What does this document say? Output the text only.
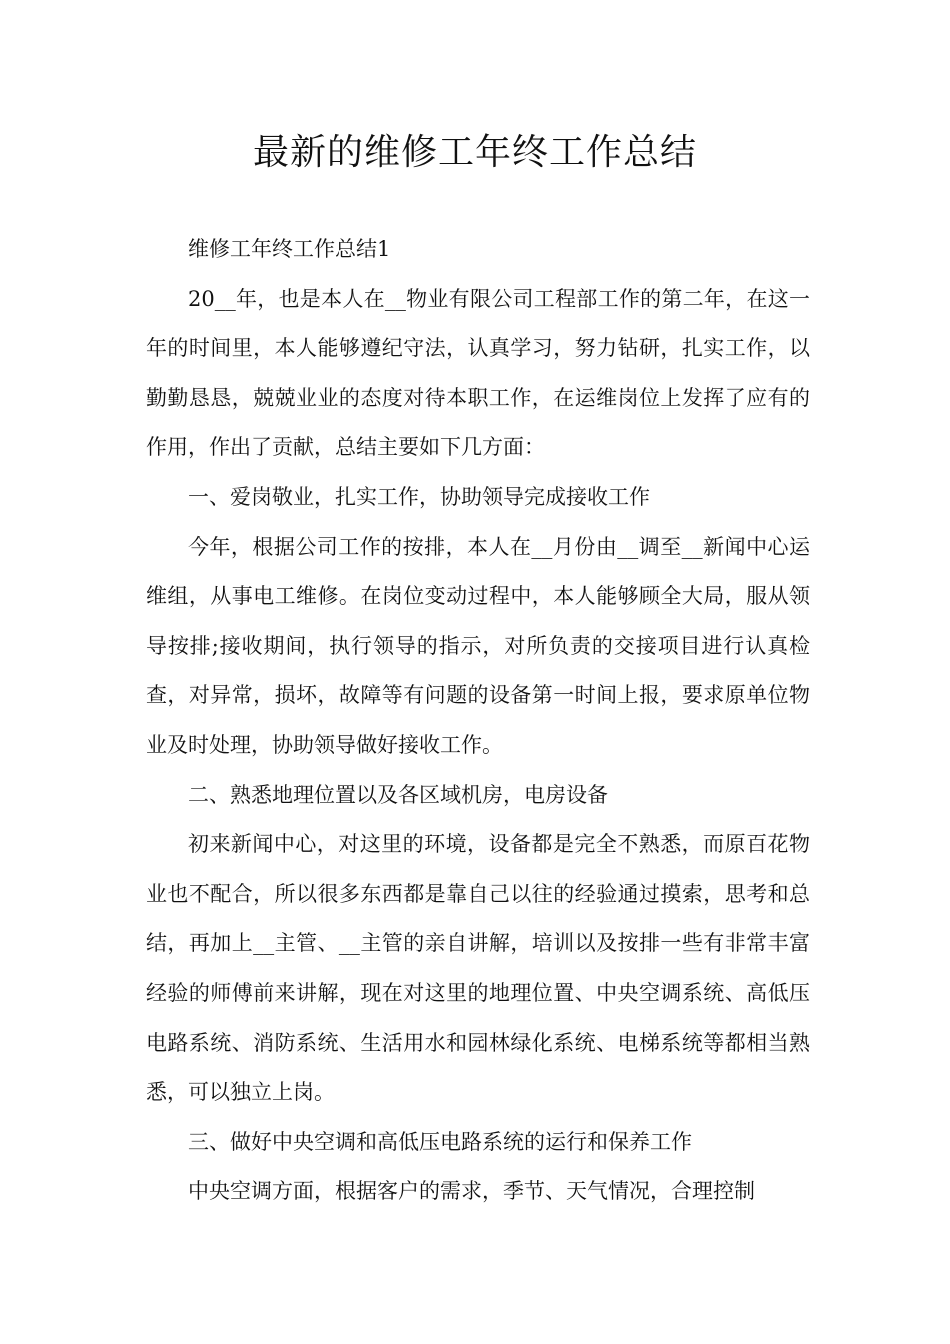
最新的维修工年终工作总结

维修工年终工作总结1

20__年，也是本人在__物业有限公司工程部工作的第二年，在这一年的时间里，本人能够遵纪守法，认真学习，努力钻研，扎实工作，以勤勤恳恳，兢兢业业的态度对待本职工作，在运维岗位上发挥了应有的作用，作出了贡献，总结主要如下几方面：

一、爱岗敬业，扎实工作，协助领导完成接收工作

今年，根据公司工作的按排，本人在__月份由__调至__新闻中心运维组，从事电工维修。在岗位变动过程中，本人能够顾全大局，服从领导按排;接收期间，执行领导的指示，对所负责的交接项目进行认真检查，对异常，损坏，故障等有问题的设备第一时间上报，要求原单位物业及时处理，协助领导做好接收工作。

二、熟悉地理位置以及各区域机房，电房设备

初来新闻中心，对这里的环境，设备都是完全不熟悉，而原百花物业也不配合，所以很多东西都是靠自己以往的经验通过摸索，思考和总结，再加上__主管、__主管的亲自讲解，培训以及按排一些有非常丰富经验的师傅前来讲解，现在对这里的地理位置、中央空调系统、高低压电路系统、消防系统、生活用水和园林绿化系统、电梯系统等都相当熟悉，可以独立上岗。

三、做好中央空调和高低压电路系统的运行和保养工作

中央空调方面，根据客户的需求，季节、天气情况，合理控制
